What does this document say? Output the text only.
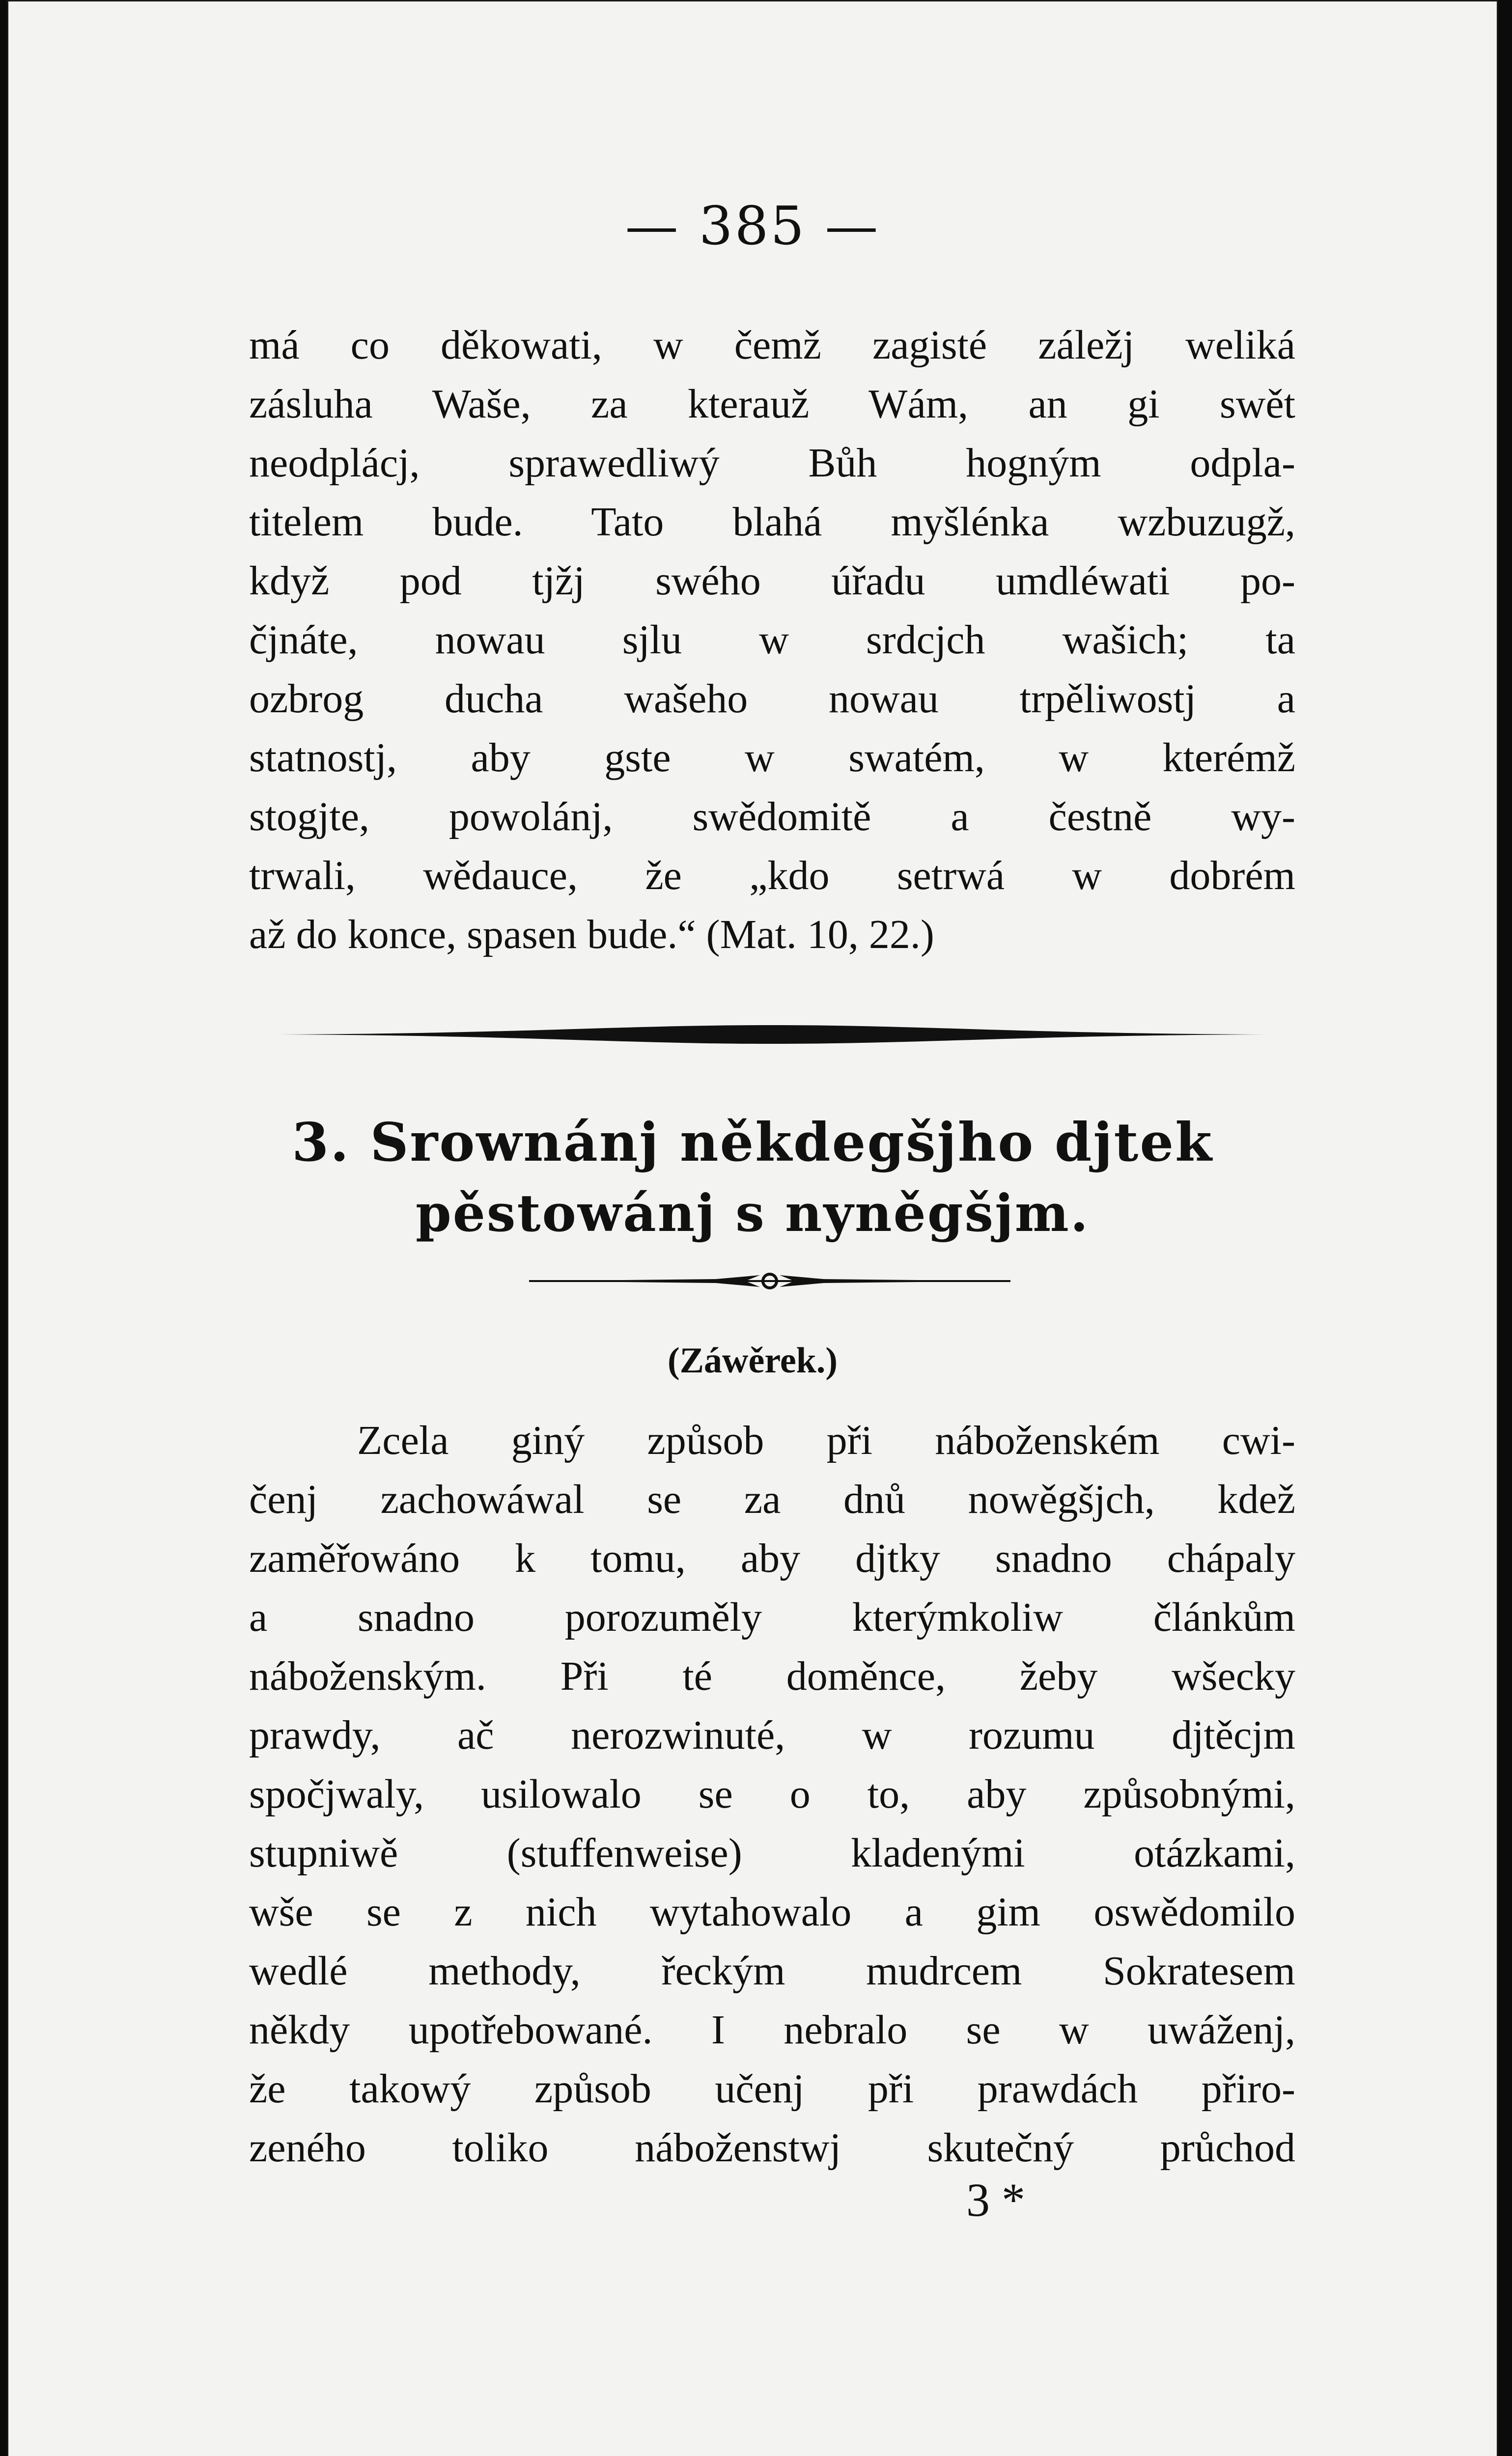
— 385 —
má co děkowati, w čemž zagisté záležj weliká
zásluha Waše, za kterauž Wám, an gi swět
neodplácj, sprawedliwý Bůh hogným odpla-
titelem bude. Tato blahá myšlénka wzbuzugž,
když pod tjžj swého úřadu umdléwati po-
čjnáte, nowau sjlu w srdcjch wašich; ta
ozbrog ducha wašeho nowau trpěliwostj a
statnostj, aby gste w swatém, w kterémž
stogjte, powolánj, swědomitě a čestně wy-
trwali, wědauce, že „kdo setrwá w dobrém
až do konce, spasen bude.“ (Mat. 10, 22.)
3. Srownánj někdegšjho djtek
pěstowánj s nyněgšjm.
(Záwěrek.)
Zcela giný způsob při náboženském cwi-
čenj zachowáwal se za dnů nowěgšjch, kdež
zaměřowáno k tomu, aby djtky snadno chápaly
a snadno porozuměly kterýmkoliw článkům
náboženským. Při té doměnce, žeby wšecky
prawdy, ač nerozwinuté, w rozumu djtěcjm
spočjwaly, usilowalo se o to, aby způsobnými,
stupniwě (stuffenweise) kladenými otázkami,
wše se z nich wytahowalo a gim oswědomilo
wedlé methody, řeckým mudrcem Sokratesem
někdy upotřebowané. I nebralo se w uwáženj,
že takowý způsob učenj při prawdách přiro-
zeného toliko náboženstwj skutečný průchod
3 *
